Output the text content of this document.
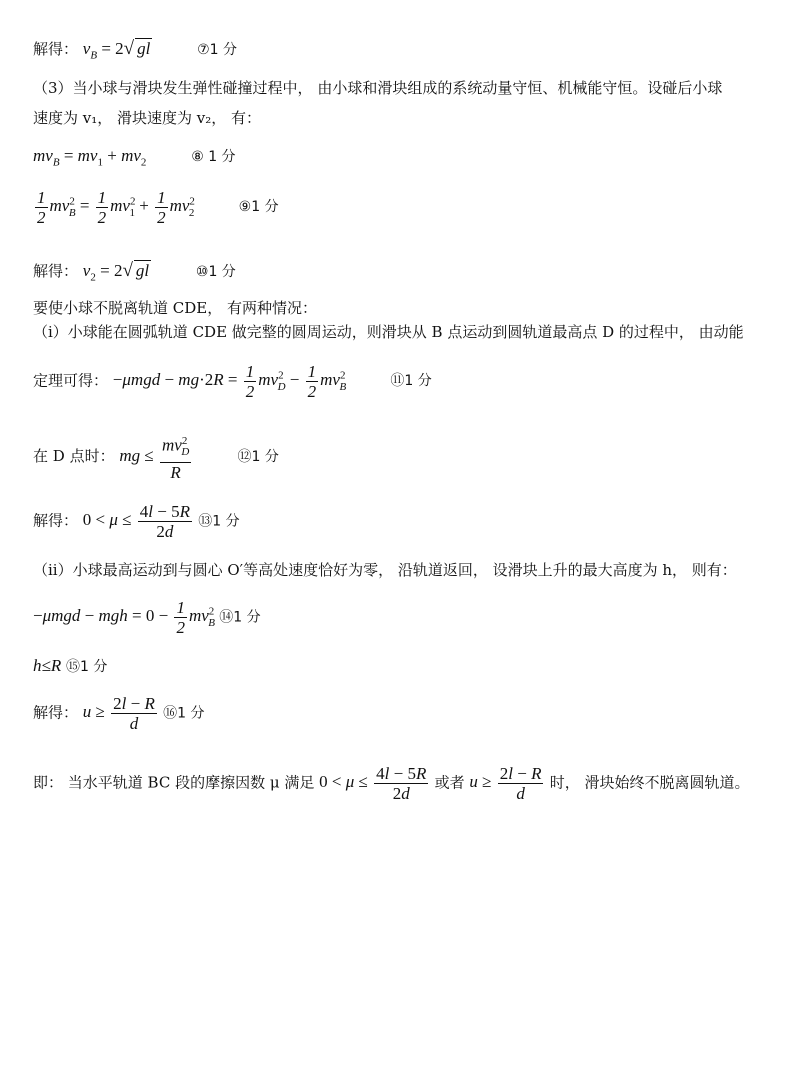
解得： $v_B = 2√$ gl	⑦1 分
（3）当小球与滑块发生弹性碰撞过程中， 由小球和滑块组成的系统动量守恒、机械能守恒。设碰后小球
速度为 v₁， 滑块速度为 v₂， 有：
$mv_B = mv_1 + mv_2$	⑧ 1 分
$\frac{1}{2} mv^2_B = \frac{1}{2} mv^2_1 + \frac{1}{2} mv^2_2$	⑨1 分
解得： $v_2 = 2√$ gl	⑩1 分
要使小球不脱离轨道 CDE， 有两种情况：
（i）小球能在圆弧轨道 CDE 做完整的圆周运动，则滑块从 B 点运动到圆轨道最高点 D 的过程中， 由动能
定理可得： $-\mu mgd - mg\cdot 2R = \frac{1}{2} mv^2_D - \frac{1}{2} mv^2_B$	⑪1 分
在 D 点时： mg ≤ $\frac{mv^2_D}{R}$	⑫1 分
解得： $0 < \mu \le \frac{4l - 5R}{2d}$ ⑬1 分
（ii）小球最高运动到与圆心 O′等高处速度恰好为零， 沿轨道返回， 设滑块上升的最大高度为 h， 则有：
−μmgd − mgh = $0 - \frac{1}{2} mv^2_B$ ⑭1 分
h≤R ⑮1 分
解得： $u \ge \frac{2l - R}{d}$ ⑯1 分
即： 当水平轨道 BC 段的摩擦因数 μ 满足 $0 < \mu \le \frac{4l - 5R}{2d}$ 或者 $u \ge \frac{2l - R}{d}$ 时， 滑块始终不脱离圆轨道。
